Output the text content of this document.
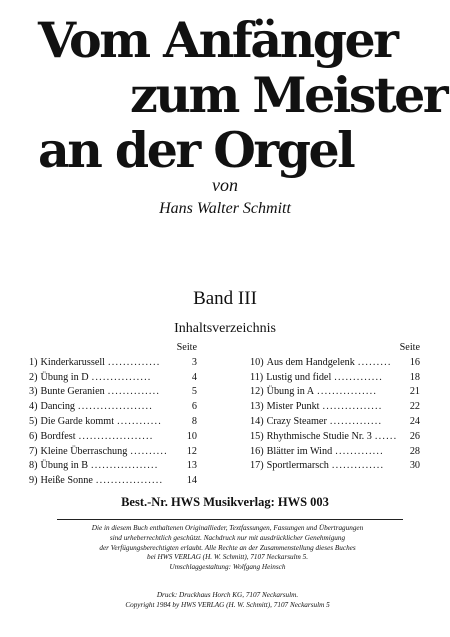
Vom Anfänger
zum Meister
an der Orgel
von
Hans Walter Schmitt
Band III
Inhaltsverzeichnis
Seite
1) Kinderkarussell ..............	3
2) Übung in D ................	4
3) Bunte Geranien ..............	5
4) Dancing ....................	6
5) Die Garde kommt ............	8
6) Bordfest ....................	10
7) Kleine Überraschung ..........	12
8) Übung in B ..................	13
9) Heiße Sonne ..................	14
Seite
10) Aus dem Handgelenk .........	16
11) Lustig und fidel .............	18
12) Übung in A ................	21
13) Mister Punkt ................	22
14) Crazy Steamer ..............	24
15) Rhythmische Studie Nr. 3 ......	26
16) Blätter im Wind .............	28
17) Sportlermarsch ..............	30
Best.-Nr. HWS Musikverlag: HWS 003
Die in diesem Buch enthaltenen Originallieder, Textfassungen, Fassungen und Übertragungen
sind urheberrechtlich geschützt. Nachdruck nur mit ausdrücklicher Genehmigung
der Verfügungsberechtigten erlaubt. Alle Rechte an der Zusammenstellung dieses Buches
bei HWS VERLAG (H. W. Schmitt), 7107 Neckarsulm 5.
Umschlaggestaltung: Wolfgang Heinsch
Druck: Druckhaus Horch KG, 7107 Neckarsulm.
Copyright 1984 by HWS VERLAG (H. W. Schmitt), 7107 Neckarsulm 5
